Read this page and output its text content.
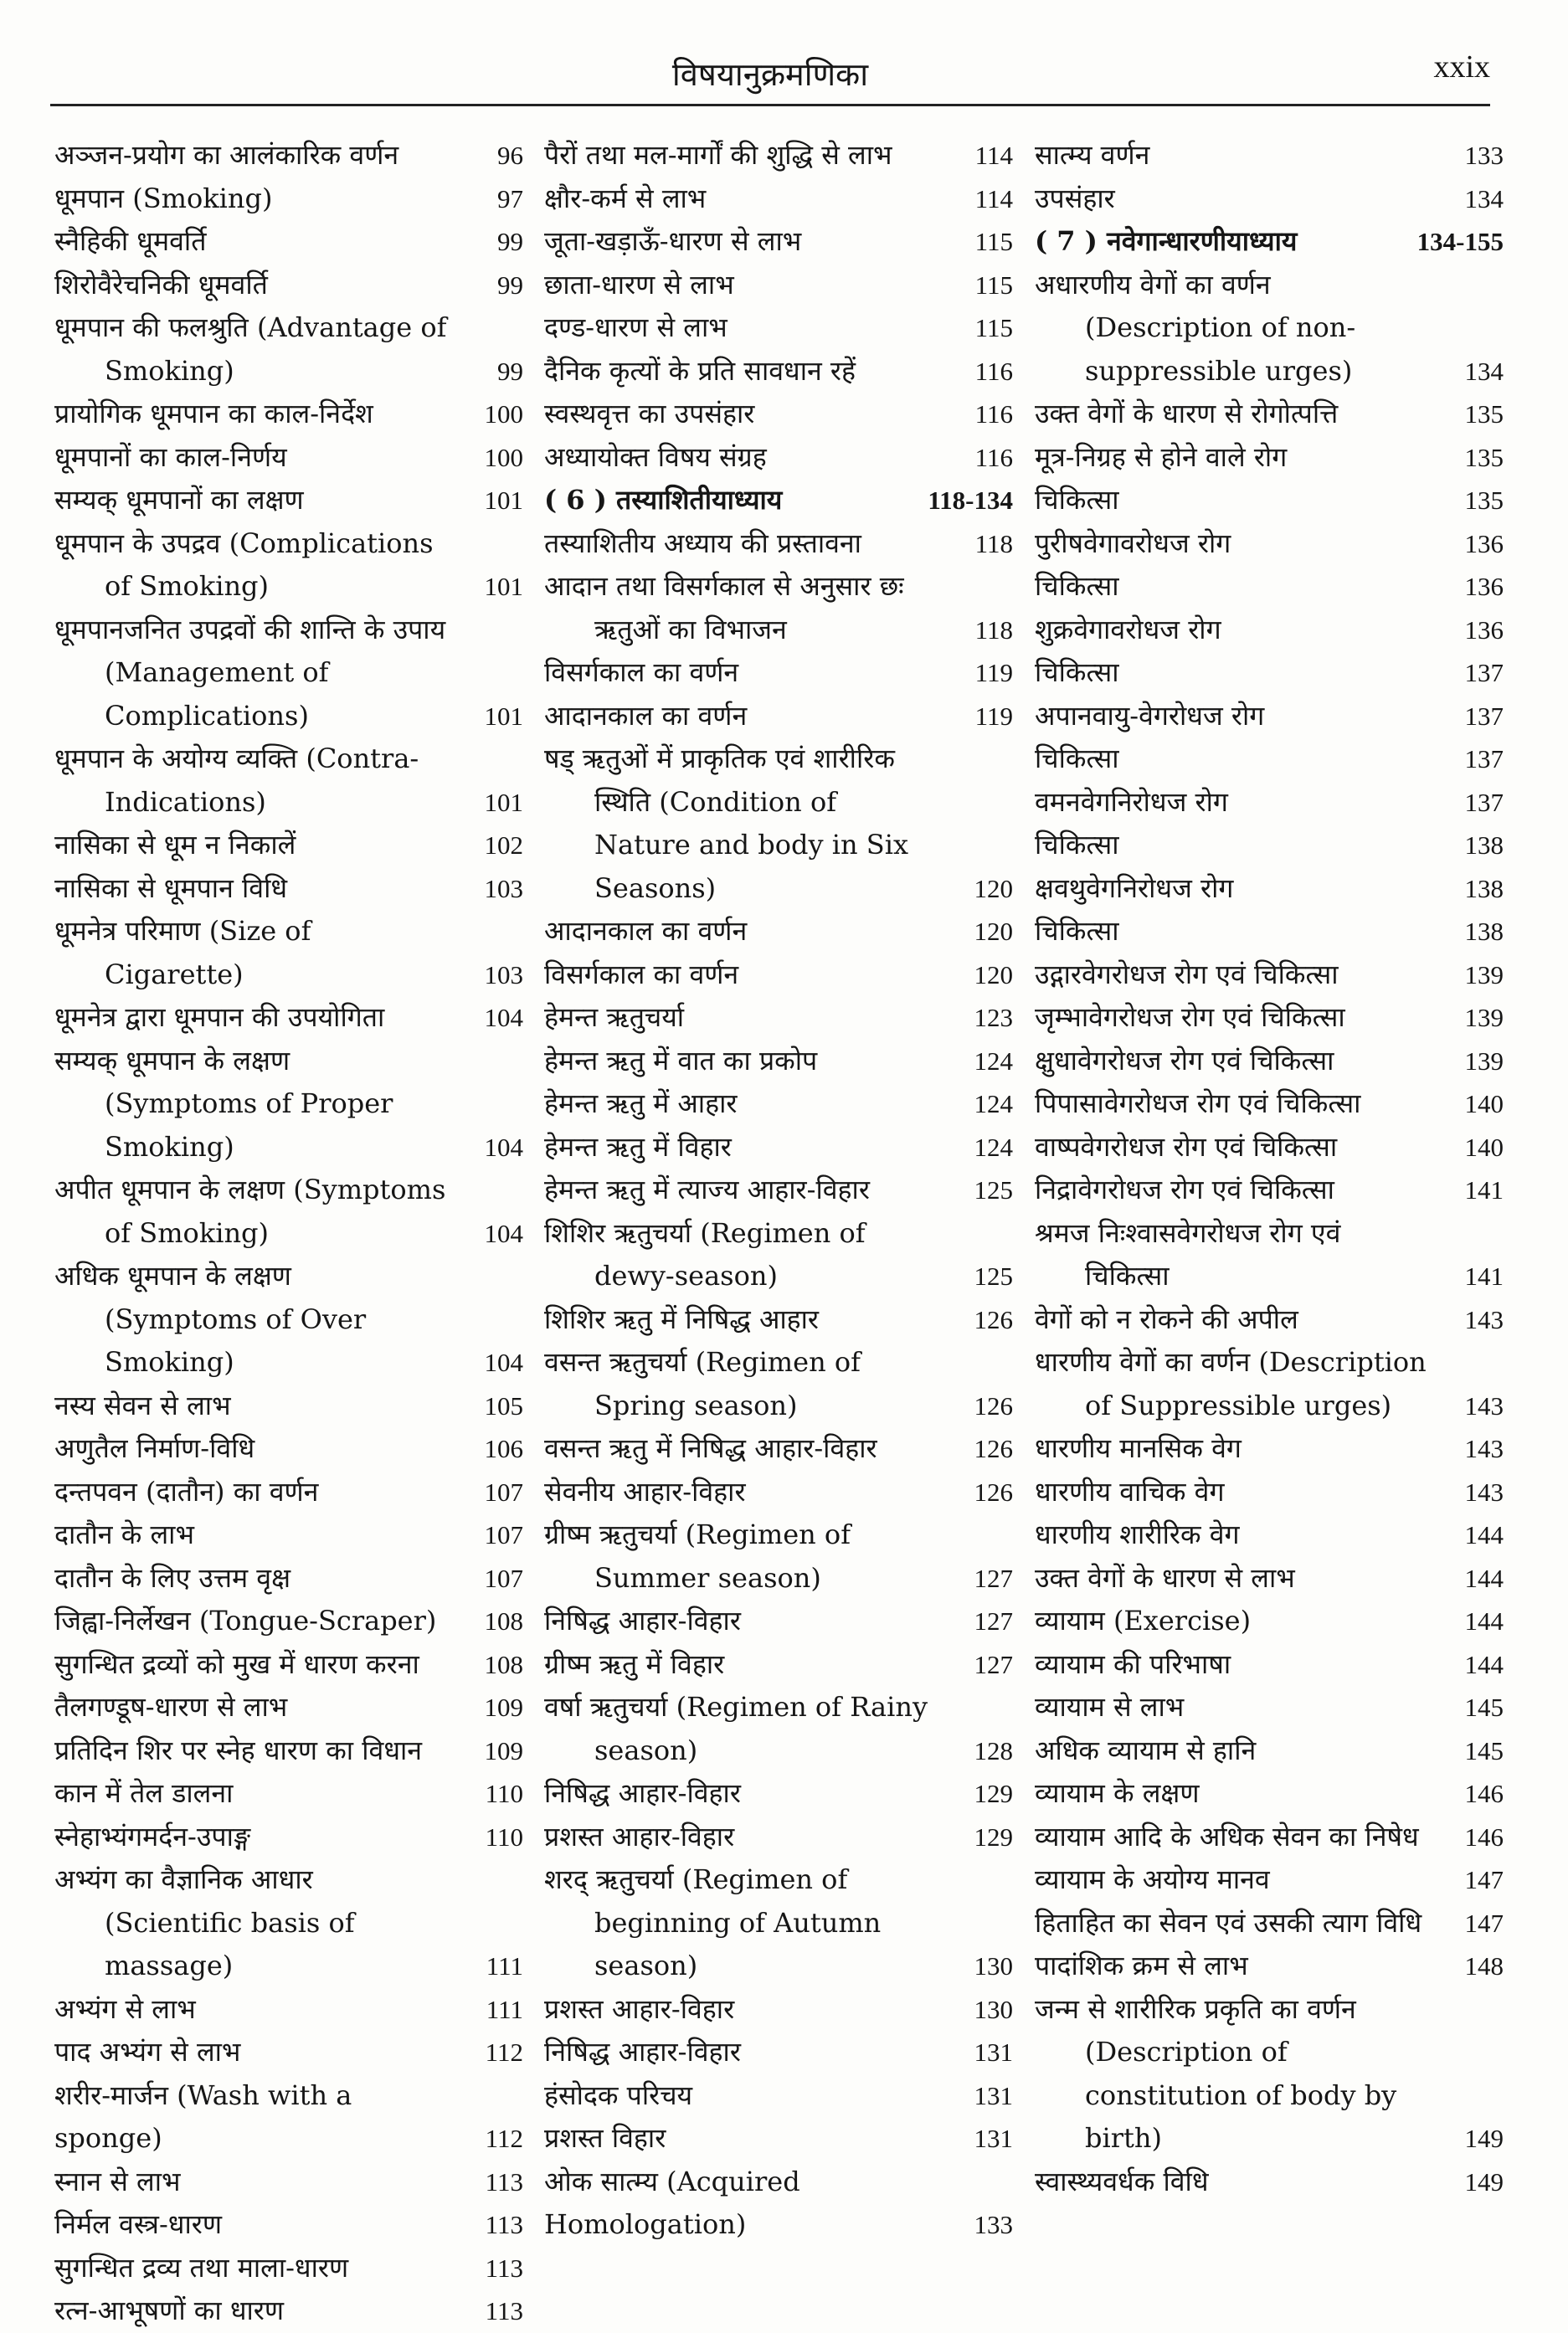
विषयानुक्रमणिका	xxix
अञ्जन-प्रयोग का आलंकारिक वर्णन	96
धूमपान (Smoking)	97
स्नैहिकी धूमवर्ति	99
शिरोवैरेचनिकी धूमवर्ति	99
धूमपान की फलश्रुति (Advantage of Smoking)	99
प्रायोगिक धूमपान का काल-निर्देश	100
धूमपानों का काल-निर्णय	100
सम्यक् धूमपानों का लक्षण	101
धूमपान के उपद्रव (Complications of Smoking)	101
धूमपानजनित उपद्रवों की शान्ति के उपाय (Management of Complications)	101
धूमपान के अयोग्य व्यक्ति (Contra-Indications)	101
नासिका से धूम न निकालें	102
नासिका से धूमपान विधि	103
धूमनेत्र परिमाण (Size of Cigarette)	103
धूमनेत्र द्वारा धूमपान की उपयोगिता	104
सम्यक् धूमपान के लक्षण (Symptoms of Proper Smoking)	104
अपीत धूमपान के लक्षण (Symptoms of Smoking)	104
अधिक धूमपान के लक्षण (Symptoms of Over Smoking)	104
नस्य सेवन से लाभ	105
अणुतैल निर्माण-विधि	106
दन्तपवन (दातौन) का वर्णन	107
दातौन के लाभ	107
दातौन के लिए उत्तम वृक्ष	107
जिह्वा-निर्लेखन (Tongue-Scraper) 108
सुगन्धित द्रव्यों को मुख में धारण करना	108
तैलगण्डूष-धारण से लाभ	109
प्रतिदिन शिर पर स्नेह धारण का विधान	109
कान में तेल डालना	110
स्नेहाभ्यंगमर्दन-उपाङ्ग	110
अभ्यंग का वैज्ञानिक आधार (Scientific basis of massage)	111
अभ्यंग से लाभ	111
पाद अभ्यंग से लाभ	112
शरीर-मार्जन (Wash with a sponge)	112
स्नान से लाभ	113
निर्मल वस्त्र-धारण	113
सुगन्धित द्रव्य तथा माला-धारण	113
रत्न-आभूषणों का धारण	113
पैरों तथा मल-मार्गों की शुद्धि से लाभ	114
क्षौर-कर्म से लाभ	114
जूता-खड़ाऊँ-धारण से लाभ	115
छाता-धारण से लाभ	115
दण्ड-धारण से लाभ	115
दैनिक कृत्यों के प्रति सावधान रहें	116
स्वस्थवृत्त का उपसंहार	116
अध्यायोक्त विषय संग्रह	116
( 6 ) तस्याशितीयाध्याय	118-134
तस्याशितीय अध्याय की प्रस्तावना	118
आदान तथा विसर्गकाल से अनुसार छः ऋतुओं का विभाजन	118
विसर्गकाल का वर्णन	119
आदानकाल का वर्णन	119
षड् ऋतुओं में प्राकृतिक एवं शारीरिक स्थिति (Condition of Nature and body in Six Seasons)	120
आदानकाल का वर्णन	120
विसर्गकाल का वर्णन	120
हेमन्त ऋतुचर्या	123
हेमन्त ऋतु में वात का प्रकोप	124
हेमन्त ऋतु में आहार	124
हेमन्त ऋतु में विहार	124
हेमन्त ऋतु में त्याज्य आहार-विहार	125
शिशिर ऋतुचर्या (Regimen of dewy-season)	125
शिशिर ऋतु में निषिद्ध आहार	126
वसन्त ऋतुचर्या (Regimen of Spring season)	126
वसन्त ऋतु में निषिद्ध आहार-विहार	126
सेवनीय आहार-विहार	126
ग्रीष्म ऋतुचर्या (Regimen of Summer season)	127
निषिद्ध आहार-विहार	127
ग्रीष्म ऋतु में विहार	127
वर्षा ऋतुचर्या (Regimen of Rainy season)	128
निषिद्ध आहार-विहार	129
प्रशस्त आहार-विहार	129
शरद् ऋतुचर्या (Regimen of beginning of Autumn season)	130
प्रशस्त आहार-विहार	130
निषिद्ध आहार-विहार	131
हंसोदक परिचय	131
प्रशस्त विहार	131
ओक सात्म्य (Acquired Homologation)	133
सात्म्य वर्णन	133
उपसंहार	134
( 7 ) नवेगान्धारणीयाध्याय	134-155
अधारणीय वेगों का वर्णन (Description of non-suppressible urges)	134
उक्त वेगों के धारण से रोगोत्पत्ति	135
मूत्र-निग्रह से होने वाले रोग	135
चिकित्सा	135
पुरीषवेगावरोधज रोग	136
चिकित्सा	136
शुक्रवेगावरोधज रोग	136
चिकित्सा	137
अपानवायु-वेगरोधज रोग	137
चिकित्सा	137
वमनवेगनिरोधज रोग	137
चिकित्सा	138
क्षवथुवेगनिरोधज रोग	138
चिकित्सा	138
उद्गारवेगरोधज रोग एवं चिकित्सा	139
जृम्भावेगरोधज रोग एवं चिकित्सा	139
क्षुधावेगरोधज रोग एवं चिकित्सा	139
पिपासावेगरोधज रोग एवं चिकित्सा	140
वाष्पवेगरोधज रोग एवं चिकित्सा	140
निद्रावेगरोधज रोग एवं चिकित्सा	141
श्रमज निःश्वासवेगरोधज रोग एवं चिकित्सा	141
वेगों को न रोकने की अपील	143
धारणीय वेगों का वर्णन (Description of Suppressible urges)	143
धारणीय मानसिक वेग	143
धारणीय वाचिक वेग	143
धारणीय शारीरिक वेग	144
उक्त वेगों के धारण से लाभ	144
व्यायाम (Exercise)	144
व्यायाम की परिभाषा	144
व्यायाम से लाभ	145
अधिक व्यायाम से हानि	145
व्यायाम के लक्षण	146
व्यायाम आदि के अधिक सेवन का निषेध 146
व्यायाम के अयोग्य मानव	147
हिताहित का सेवन एवं उसकी त्याग विधि 147
पादांशिक क्रम से लाभ	148
जन्म से शारीरिक प्रकृति का वर्णन (Description of constitution of body by birth)	149
स्वास्थ्यवर्धक विधि	149
